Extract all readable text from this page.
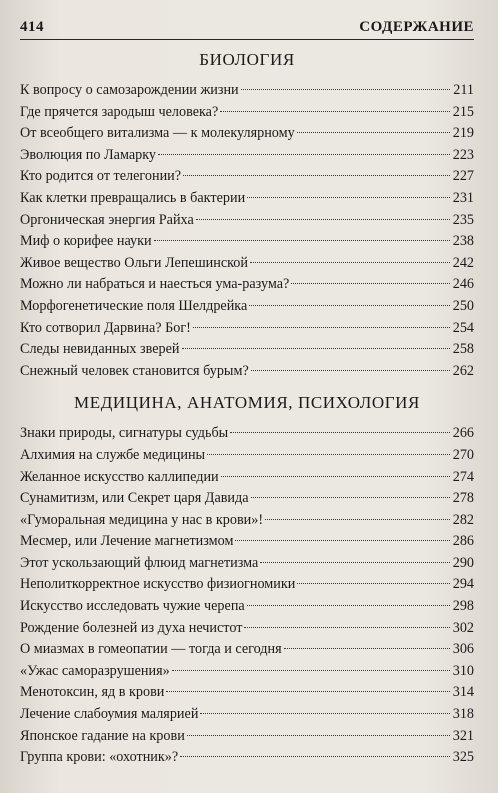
414	СОДЕРЖАНИЕ
БИОЛОГИЯ
К вопросу о самозарождении жизни	211
Где прячется зародыш человека?	215
От всеобщего витализма — к молекулярному	219
Эволюция по Ламарку	223
Кто родится от телегонии?	227
Как клетки превращались в бактерии	231
Оргоническая энергия Райха	235
Миф о корифее науки	238
Живое вещество Ольги Лепешинской	242
Можно ли набраться и наесться ума-разума?	246
Морфогенетические поля Шелдрейка	250
Кто сотворил Дарвина? Бог!	254
Следы невиданных зверей	258
Снежный человек становится бурым?	262
МЕДИЦИНА, АНАТОМИЯ, ПСИХОЛОГИЯ
Знаки природы, сигнатуры судьбы	266
Алхимия на службе медицины	270
Желанное искусство каллипедии	274
Сунамитизм, или Секрет царя Давида	278
«Гуморальная медицина у нас в крови»!	282
Месмер, или Лечение магнетизмом	286
Этот ускользающий флюид магнетизма	290
Неполиткорректное искусство физиогномики	294
Искусство исследовать чужие черепа	298
Рождение болезней из духа нечистот	302
О миазмах в гомеопатии — тогда и сегодня	306
«Ужас саморазрушения»	310
Менотоксин, яд в крови	314
Лечение слабоумия малярией	318
Японское гадание на крови	321
Группа крови: «охотник»?	325
